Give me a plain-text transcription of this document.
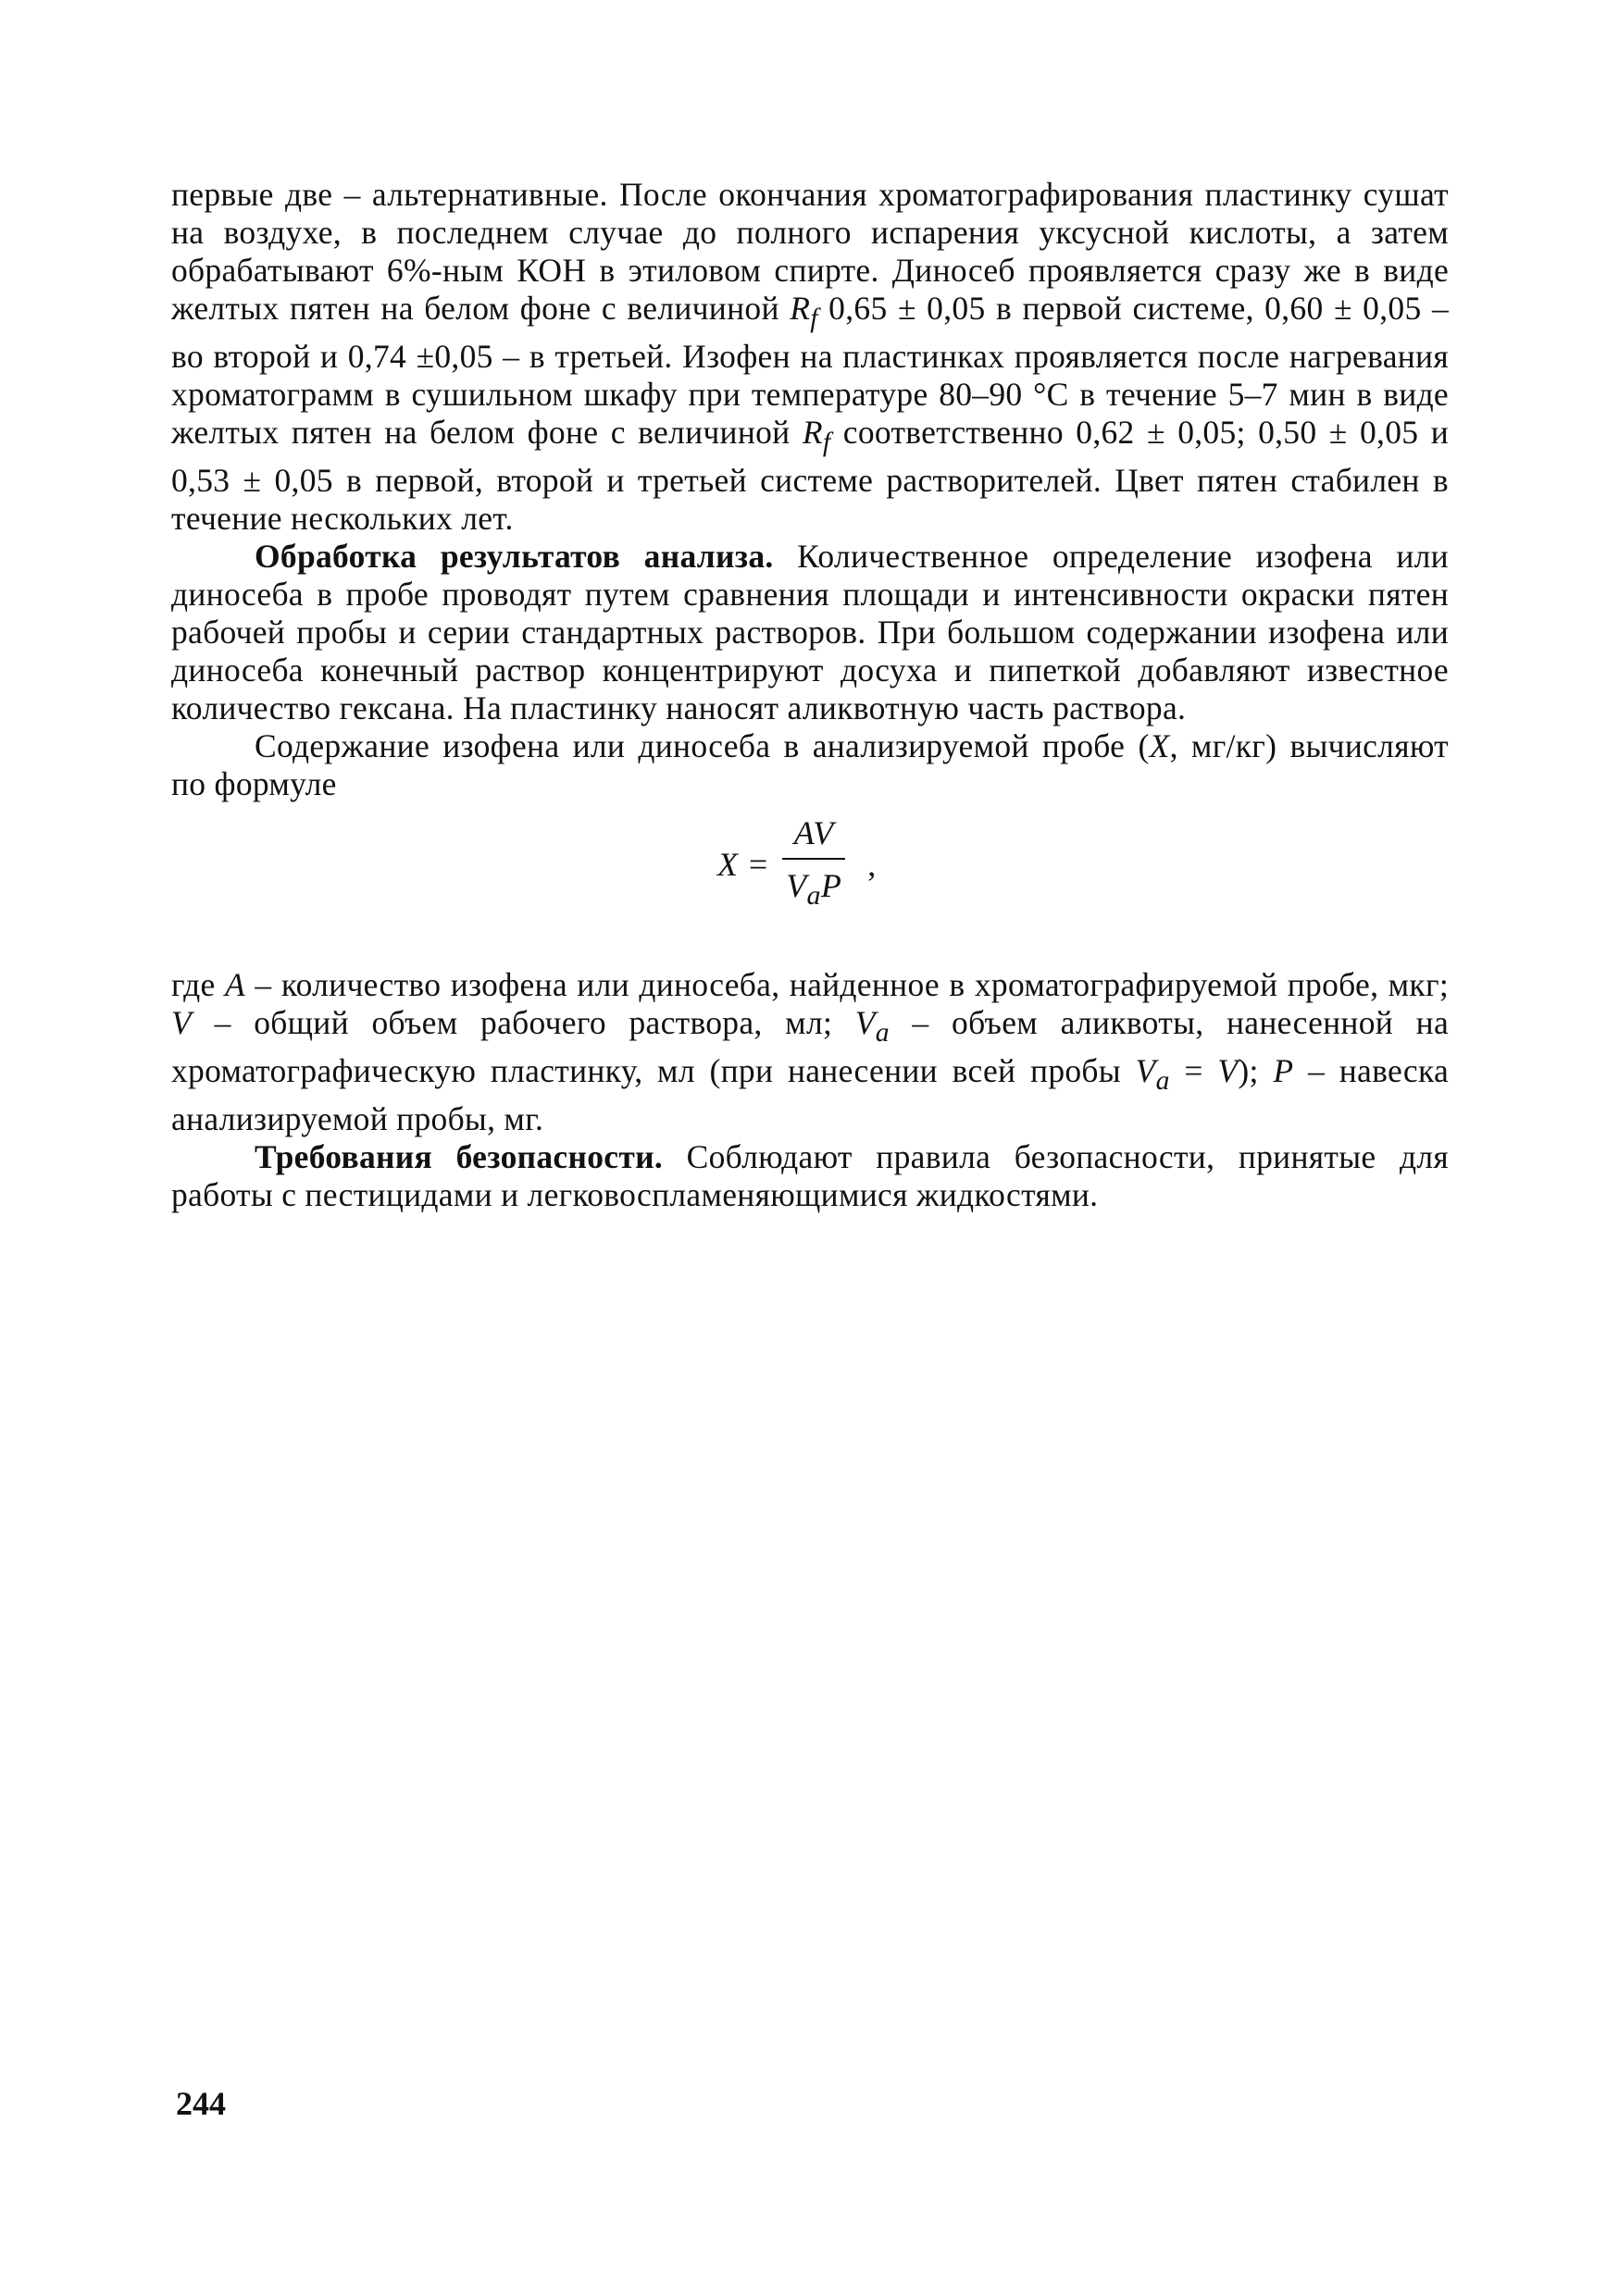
первые две – альтернативные. После окончания хроматографирования пластинку сушат на воздухе, в последнем случае до полного испарения уксусной кислоты, а затем обрабатывают 6%-ным КОН в этиловом спирте. Диносеб проявляется сразу же в виде желтых пятен на белом фоне с величиной $R_f$ 0,65 ± 0,05 в первой системе, 0,60 ± 0,05 – во второй и 0,74 ±0,05 – в третьей. Изофен на пластинках проявляется после нагревания хроматограмм в сушильном шкафу при температуре 80–90 °С в течение 5–7 мин в виде желтых пятен на белом фоне с величиной $R_f$ соответственно 0,62 ± 0,05; 0,50 ± 0,05 и 0,53 ± 0,05 в первой, второй и третьей системе растворителей. Цвет пятен стабилен в течение нескольких лет.

Обработка результатов анализа. Количественное определение изофена или диносеба в пробе проводят путем сравнения площади и интенсивности окраски пятен рабочей пробы и серии стандартных растворов. При большом содержании изофена или диносеба конечный раствор концентрируют досуха и пипеткой добавляют известное количество гексана. На пластинку наносят аликвотную часть раствора.

Содержание изофена или диносеба в анализируемой пробе (X, мг/кг) вычисляют по формуле

$X = \frac{AV}{V_aP}$ ,

где A – количество изофена или диносеба, найденное в хроматографируемой пробе, мкг; V – общий объем рабочего раствора, мл; $V_a$ – объем аликвоты, нанесенной на хроматографическую пластинку, мл (при нанесении всей пробы $V_a = V$); P – навеска анализируемой пробы, мг.

Требования безопасности. Соблюдают правила безопасности, принятые для работы с пестицидами и легковоспламеняющимися жидкостями.

244
